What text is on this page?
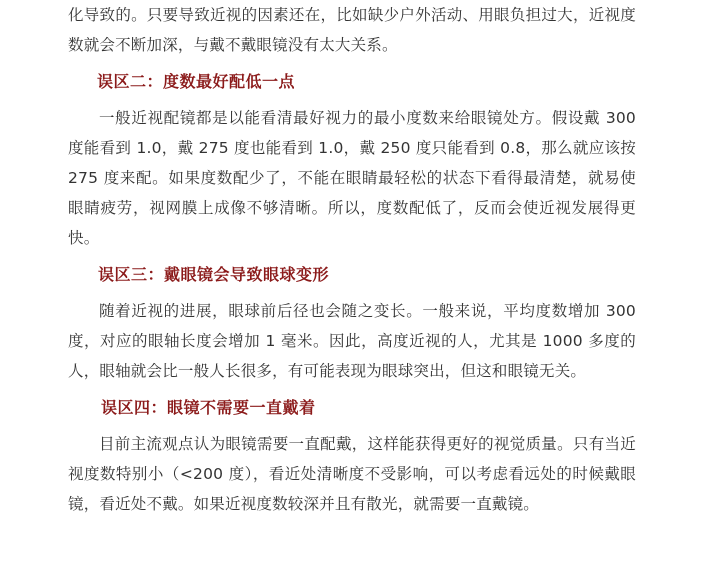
化导致的。只要导致近视的因素还在，比如缺少户外活动、用眼负担过大，近视度数就会不断加深，与戴不戴眼镜没有太大关系。

误区二：度数最好配低一点

一般近视配镜都是以能看清最好视力的最小度数来给眼镜处方。假设戴 300 度能看到 1.0，戴 275 度也能看到 1.0，戴 250 度只能看到 0.8，那么就应该按 275 度来配。如果度数配少了，不能在眼睛最轻松的状态下看得最清楚，就易使眼睛疲劳，视网膜上成像不够清晰。所以，度数配低了，反而会使近视发展得更快。

误区三：戴眼镜会导致眼球变形

随着近视的进展，眼球前后径也会随之变长。一般来说，平均度数增加 300 度，对应的眼轴长度会增加 1 毫米。因此，高度近视的人，尤其是 1000 多度的人，眼轴就会比一般人长很多，有可能表现为眼球突出，但这和眼镜无关。

误区四：眼镜不需要一直戴着

目前主流观点认为眼镜需要一直配戴，这样能获得更好的视觉质量。只有当近视度数特别小（<200 度），看近处清晰度不受影响，可以考虑看远处的时候戴眼镜，看近处不戴。如果近视度数较深并且有散光，就需要一直戴镜。
